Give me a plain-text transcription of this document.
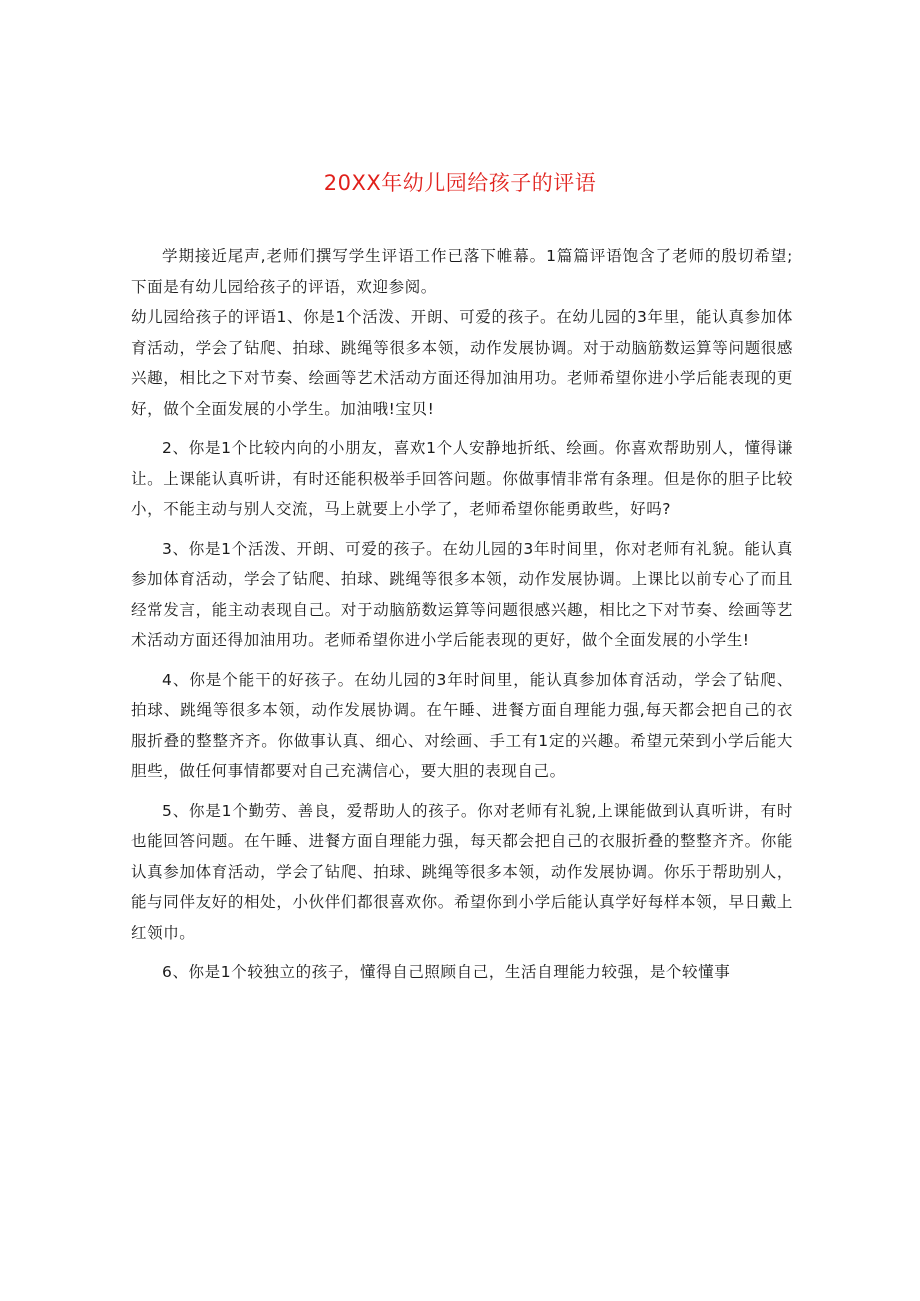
20XX年幼儿园给孩子的评语

学期接近尾声,老师们撰写学生评语工作已落下帷幕。1篇篇评语饱含了老师的殷切希望;下面是有幼儿园给孩子的评语，欢迎参阅。

幼儿园给孩子的评语1、你是1个活泼、开朗、可爱的孩子。在幼儿园的3年里，能认真参加体育活动，学会了钻爬、拍球、跳绳等很多本领，动作发展协调。对于动脑筋数运算等问题很感兴趣，相比之下对节奏、绘画等艺术活动方面还得加油用功。老师希望你进小学后能表现的更好，做个全面发展的小学生。加油哦!宝贝!

2、你是1个比较内向的小朋友，喜欢1个人安静地折纸、绘画。你喜欢帮助别人，懂得谦让。上课能认真听讲，有时还能积极举手回答问题。你做事情非常有条理。但是你的胆子比较小，不能主动与别人交流，马上就要上小学了，老师希望你能勇敢些，好吗?

3、你是1个活泼、开朗、可爱的孩子。在幼儿园的3年时间里，你对老师有礼貌。能认真参加体育活动，学会了钻爬、拍球、跳绳等很多本领，动作发展协调。上课比以前专心了而且经常发言，能主动表现自己。对于动脑筋数运算等问题很感兴趣，相比之下对节奏、绘画等艺术活动方面还得加油用功。老师希望你进小学后能表现的更好，做个全面发展的小学生!

4、你是个能干的好孩子。在幼儿园的3年时间里，能认真参加体育活动，学会了钻爬、拍球、跳绳等很多本领，动作发展协调。在午睡、进餐方面自理能力强,每天都会把自己的衣服折叠的整整齐齐。你做事认真、细心、对绘画、手工有1定的兴趣。希望元荣到小学后能大胆些，做任何事情都要对自己充满信心，要大胆的表现自己。

5、你是1个勤劳、善良，爱帮助人的孩子。你对老师有礼貌,上课能做到认真听讲，有时也能回答问题。在午睡、进餐方面自理能力强，每天都会把自己的衣服折叠的整整齐齐。你能认真参加体育活动，学会了钻爬、拍球、跳绳等很多本领，动作发展协调。你乐于帮助别人，能与同伴友好的相处，小伙伴们都很喜欢你。希望你到小学后能认真学好每样本领，早日戴上红领巾。

6、你是1个较独立的孩子，懂得自己照顾自己，生活自理能力较强，是个较懂事
